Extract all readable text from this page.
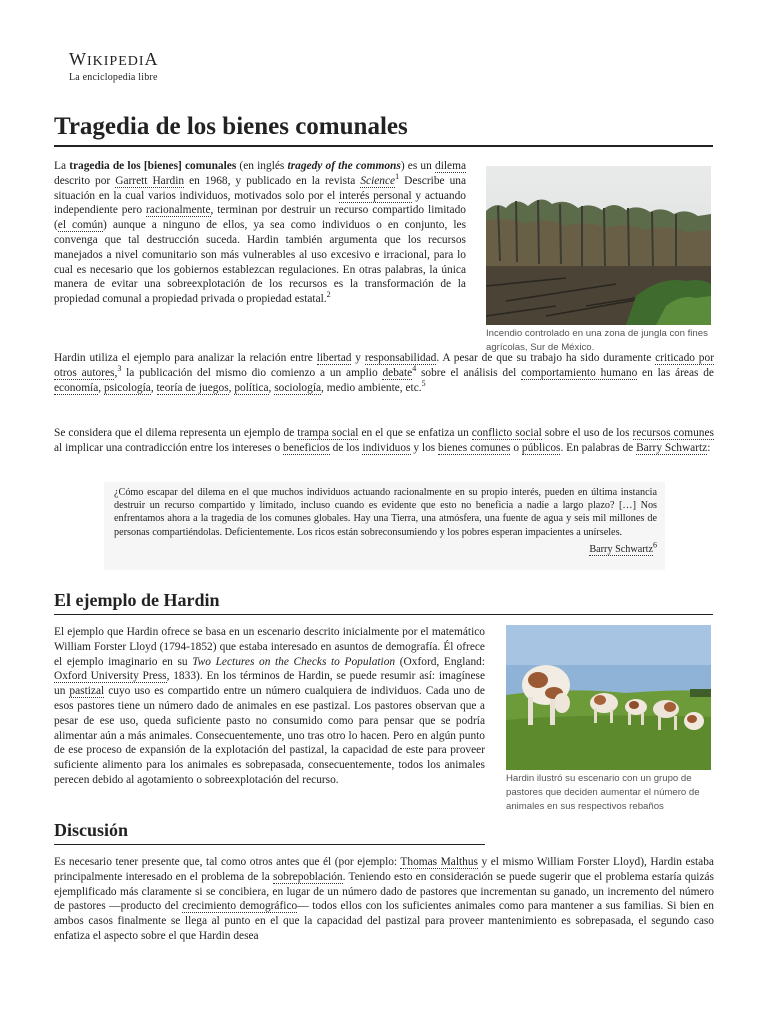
WIKIPEDIA
La enciclopedia libre
Tragedia de los bienes comunales
Incendio controlado en una zona de jungla con fines agrícolas, Sur de México.

La tragedia de los [bienes] comunales (en inglés tragedy of the commons) es un dilema descrito por Garrett Hardin en 1968, y publicado en la revista Science$^1$ Describe una situación en la cual varios individuos, motivados solo por el interés personal y actuando independiente pero racionalmente, terminan por destruir un recurso compartido limitado (el común) aunque a ninguno de ellos, ya sea como individuos o en conjunto, les convenga que tal destrucción suceda. Hardin también argumenta que los recursos manejados a nivel comunitario son más vulnerables al uso excesivo e irracional, para lo cual es necesario que los gobiernos establezcan regulaciones. En otras palabras, la única manera de evitar una sobreexplotación de los recursos es la transformación de la propiedad comunal a propiedad privada o propiedad estatal.$^2$

Hardin utiliza el ejemplo para analizar la relación entre libertad y responsabilidad. A pesar de que su trabajo ha sido duramente criticado por otros autores,$^3$ la publicación del mismo dio comienzo a un amplio debate$^4$ sobre el análisis del comportamiento humano en las áreas de economía, psicología, teoría de juegos, política, sociología, medio ambiente, etc.$^5$

Se considera que el dilema representa un ejemplo de trampa social en el que se enfatiza un conflicto social sobre el uso de los recursos comunes al implicar una contradicción entre los intereses o beneficios de los individuos y los bienes comunes o públicos. En palabras de Barry Schwartz:

¿Cómo escapar del dilema en el que muchos individuos actuando racionalmente en su propio interés, pueden en última instancia destruir un recurso compartido y limitado, incluso cuando es evidente que esto no beneficia a nadie a largo plazo? […] Nos enfrentamos ahora a la tragedia de los comunes globales. Hay una Tierra, una atmósfera, una fuente de agua y seis mil millones de personas compartiéndolas. Deficientemente. Los ricos están sobreconsumiendo y los pobres esperan impacientes a unírseles.
Barry Schwartz$^6$
El ejemplo de Hardin
Hardin ilustró su escenario con un grupo de pastores que deciden aumentar el número de animales en sus respectivos rebaños

El ejemplo que Hardin ofrece se basa en un escenario descrito inicialmente por el matemático William Forster Lloyd (1794-1852) que estaba interesado en asuntos de demografía. Él ofrece el ejemplo imaginario en su Two Lectures on the Checks to Population (Oxford, England: Oxford University Press, 1833). En los términos de Hardin, se puede resumir así: imagínese un pastizal cuyo uso es compartido entre un número cualquiera de individuos. Cada uno de esos pastores tiene un número dado de animales en ese pastizal. Los pastores observan que a pesar de ese uso, queda suficiente pasto no consumido como para pensar que se podría alimentar aún a más animales. Consecuentemente, uno tras otro lo hacen. Pero en algún punto de ese proceso de expansión de la explotación del pastizal, la capacidad de este para proveer suficiente alimento para los animales es sobrepasada, consecuentemente, todos los animales perecen debido al agotamiento o sobreexplotación del recurso.

Discusión

Es necesario tener presente que, tal como otros antes que él (por ejemplo: Thomas Malthus y el mismo William Forster Lloyd), Hardin estaba principalmente interesado en el problema de la sobrepoblación. Teniendo esto en consideración se puede sugerir que el problema estaría quizás ejemplificado más claramente si se concibiera, en lugar de un número dado de pastores que incrementan su ganado, un incremento del número de pastores —producto del crecimiento demográfico— todos ellos con los suficientes animales como para mantener a sus familias. Si bien en ambos casos finalmente se llega al punto en el que la capacidad del pastizal para proveer mantenimiento es sobrepasada, el segundo caso enfatiza el aspecto sobre el que Hardin desea
